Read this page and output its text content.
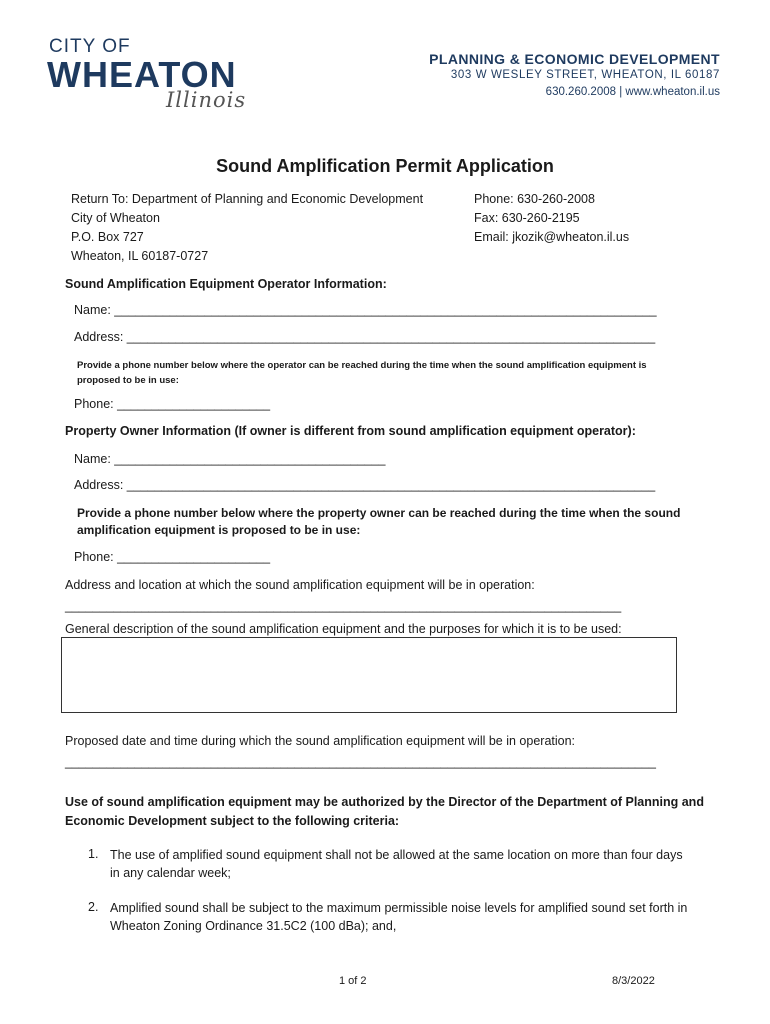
CITY OF
WHEATON
Illinois
PLANNING & ECONOMIC DEVELOPMENT
303 W WESLEY STREET, WHEATON, IL 60187
630.260.2008 | www.wheaton.il.us
Sound Amplification Permit Application
Return To: Department of Planning and Economic Development
City of Wheaton
P.O. Box 727
Wheaton, IL 60187-0727
Phone: 630-260-2008
Fax: 630-260-2195
Email: jkozik@wheaton.il.us
Sound Amplification Equipment Operator Information:
Name: ______________________________________________________________________________
Address: ____________________________________________________________________________
Provide a phone number below where the operator can be reached during the time when the sound amplification equipment is
proposed to be in use:
Phone: ______________________
Property Owner Information (If owner is different from sound amplification equipment operator):
Name: _______________________________________
Address: ____________________________________________________________________________
Provide a phone number below where the property owner can be reached during the time when the sound
amplification equipment is proposed to be in use:
Phone: ______________________
Address and location at which the sound amplification equipment will be in operation:
________________________________________________________________________________
General description of the sound amplification equipment and the purposes for which it is to be used:
Proposed date and time during which the sound amplification equipment will be in operation:
_____________________________________________________________________________________
Use of sound amplification equipment may be authorized by the Director of the Department of Planning and
Economic Development subject to the following criteria:
1. The use of amplified sound equipment shall not be allowed at the same location on more than four days
in any calendar week;
2. Amplified sound shall be subject to the maximum permissible noise levels for amplified sound set forth in
Wheaton Zoning Ordinance 31.5C2 (100 dBa); and,
1 of 2	8/3/2022
